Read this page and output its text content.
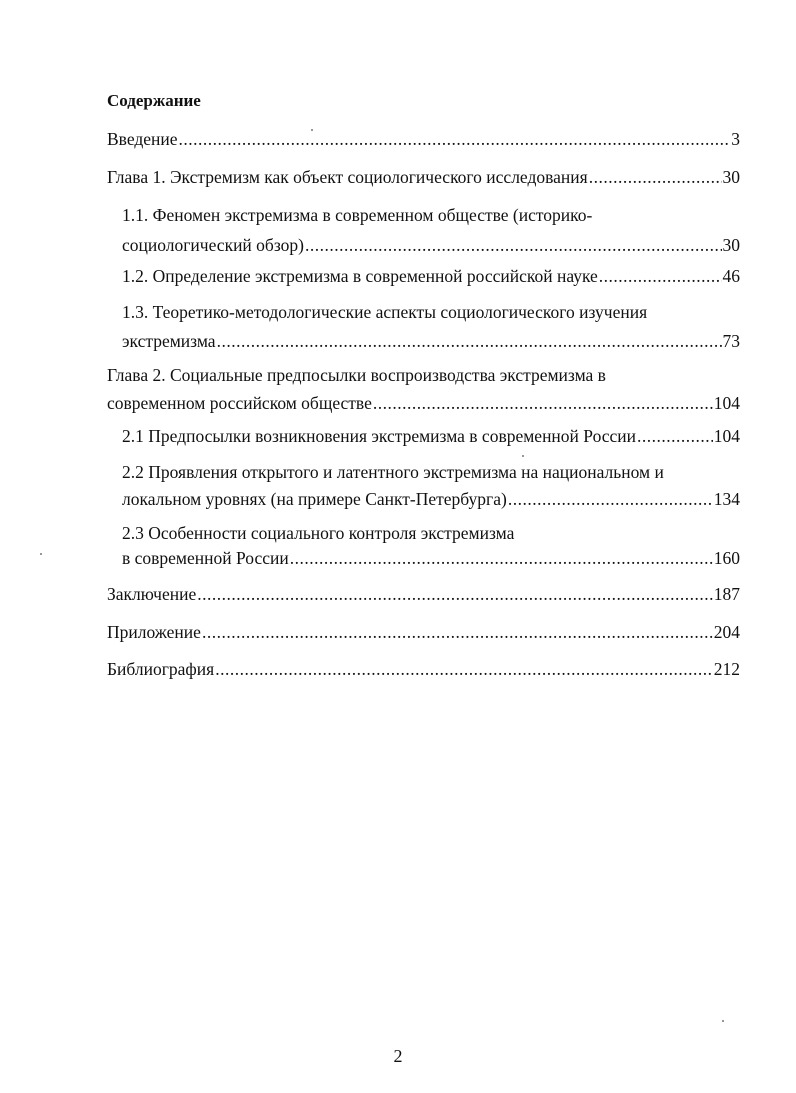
Содержание
Введение .....	3
Глава 1. Экстремизм как объект социологического исследования .....	30
1.1. Феномен экстремизма в современном обществе (историко-
социологический обзор) .....	30
1.2. Определение экстремизма в современной российской науке .....	46
1.3. Теоретико-методологические аспекты социологического изучения
экстремизма .....	73
Глава 2. Социальные предпосылки воспроизводства экстремизма в
современном российском обществе .....	104
2.1 Предпосылки возникновения экстремизма в современной России .....	104
2.2 Проявления открытого и латентного экстремизма на национальном и
локальном уровнях (на примере Санкт-Петербурга) .....	134
2.3 Особенности социального контроля экстремизма
в современной России .....	160
Заключение .....	187
Приложение .....	204
Библиография .....	212
2
